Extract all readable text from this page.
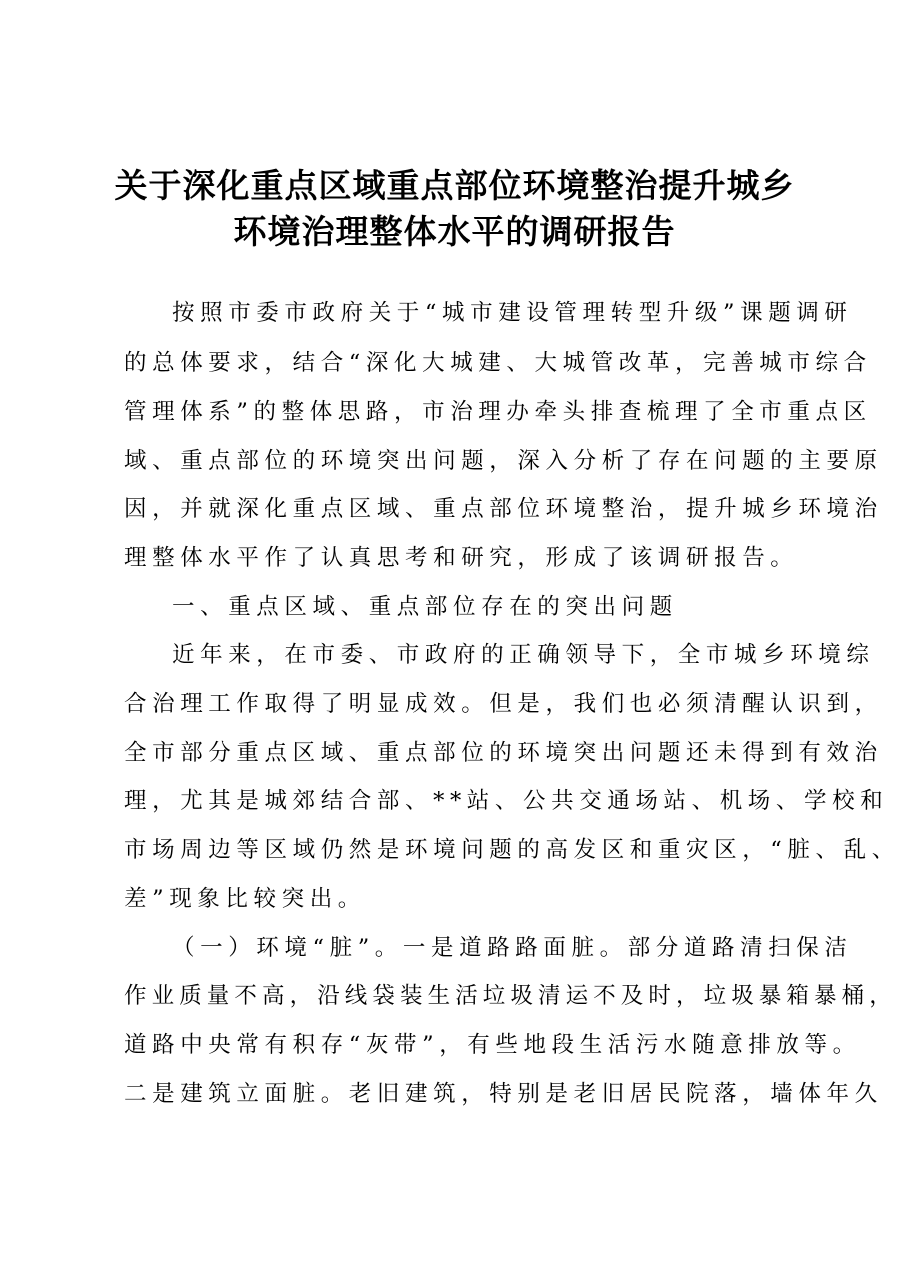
关于深化重点区域重点部位环境整治提升城乡
环境治理整体水平的调研报告
按照市委市政府关于“城市建设管理转型升级”课题调研
的总体要求，结合“深化大城建、大城管改革，完善城市综合
管理体系”的整体思路，市治理办牵头排查梳理了全市重点区
域、重点部位的环境突出问题，深入分析了存在问题的主要原
因，并就深化重点区域、重点部位环境整治，提升城乡环境治
理整体水平作了认真思考和研究，形成了该调研报告。
一、重点区域、重点部位存在的突出问题
近年来，在市委、市政府的正确领导下，全市城乡环境综
合治理工作取得了明显成效。但是，我们也必须清醒认识到，
全市部分重点区域、重点部位的环境突出问题还未得到有效治
理，尤其是城郊结合部、**站、公共交通场站、机场、学校和
市场周边等区域仍然是环境问题的高发区和重灾区，“脏、乱、
差”现象比较突出。
（一）环境“脏”。一是道路路面脏。部分道路清扫保洁
作业质量不高，沿线袋装生活垃圾清运不及时，垃圾暴箱暴桶，
道路中央常有积存“灰带”，有些地段生活污水随意排放等。
二是建筑立面脏。老旧建筑，特别是老旧居民院落，墙体年久
